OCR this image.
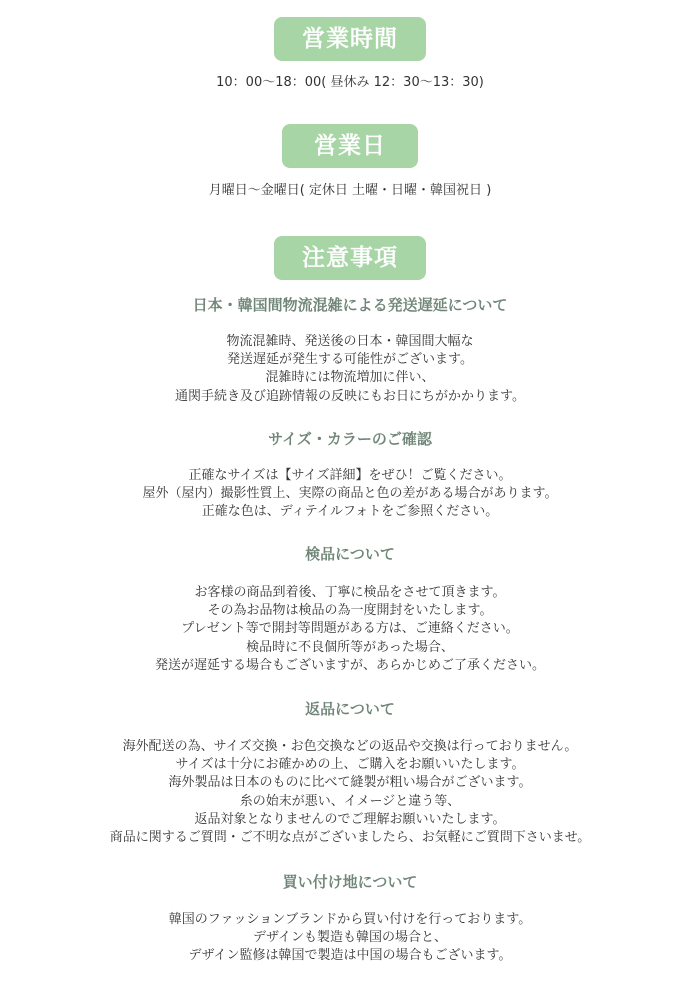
営業時間
10：00〜18：00( 昼休み 12：30〜13：30)
営業日
月曜日〜金曜日( 定休日 土曜・日曜・韓国祝日 )
注意事項
日本・韓国間物流混雑による発送遅延について
物流混雑時、発送後の日本・韓国間大幅な
発送遅延が発生する可能性がございます。
混雑時には物流増加に伴い、
通関手続き及び追跡情報の反映にもお日にちがかかります。
サイズ・カラーのご確認
正確なサイズは【サイズ詳細】をぜひ！ご覧ください。
屋外（屋内）撮影性質上、実際の商品と色の差がある場合があります。
正確な色は、ディテイルフォトをご参照ください。
検品について
お客様の商品到着後、丁寧に検品をさせて頂きます。
その為お品物は検品の為一度開封をいたします。
プレゼント等で開封等問題がある方は、ご連絡ください。
検品時に不良個所等があった場合、
発送が遅延する場合もございますが、あらかじめご了承ください。
返品について
海外配送の為、サイズ交換・お色交換などの返品や交換は行っておりません。
サイズは十分にお確かめの上、ご購入をお願いいたします。
海外製品は日本のものに比べて縫製が粗い場合がございます。
糸の始末が悪い、イメージと違う等、
返品対象となりませんのでご理解お願いいたします。
商品に関するご質問・ご不明な点がございましたら、お気軽にご質問下さいませ。
買い付け地について
韓国のファッションブランドから買い付けを行っております。
デザインも製造も韓国の場合と、
デザイン監修は韓国で製造は中国の場合もございます。
